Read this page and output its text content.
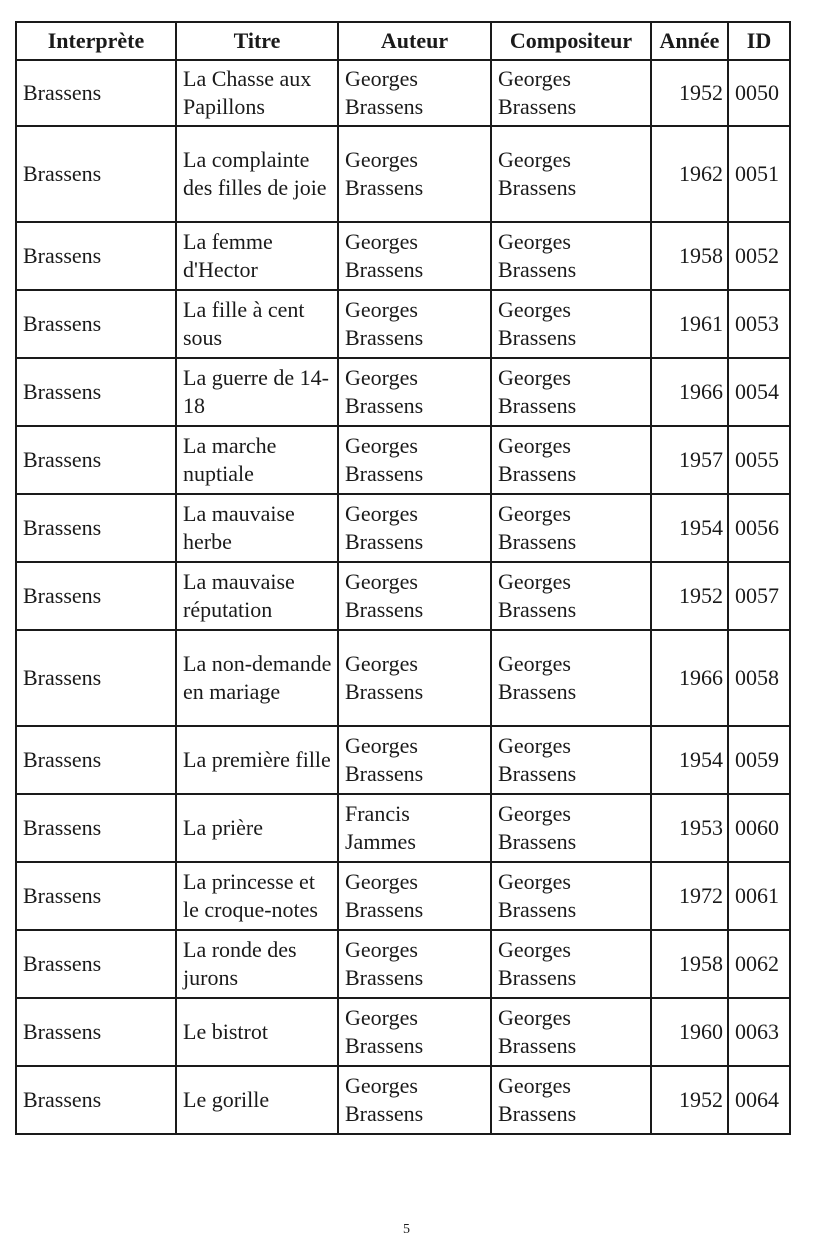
Interprète	Titre	Auteur	Compositeur	Année	ID
Brassens	La Chasse aux Papillons	Georges Brassens	Georges Brassens	1952	0050
Brassens	La complainte des filles de joie	Georges Brassens	Georges Brassens	1962	0051
Brassens	La femme d'Hector	Georges Brassens	Georges Brassens	1958	0052
Brassens	La fille à cent sous	Georges Brassens	Georges Brassens	1961	0053
Brassens	La guerre de 14-18	Georges Brassens	Georges Brassens	1966	0054
Brassens	La marche nuptiale	Georges Brassens	Georges Brassens	1957	0055
Brassens	La mauvaise herbe	Georges Brassens	Georges Brassens	1954	0056
Brassens	La mauvaise réputation	Georges Brassens	Georges Brassens	1952	0057
Brassens	La non-demande en mariage	Georges Brassens	Georges Brassens	1966	0058
Brassens	La première fille	Georges Brassens	Georges Brassens	1954	0059
Brassens	La prière	Francis Jammes	Georges Brassens	1953	0060
Brassens	La princesse et le croque-notes	Georges Brassens	Georges Brassens	1972	0061
Brassens	La ronde des jurons	Georges Brassens	Georges Brassens	1958	0062
Brassens	Le bistrot	Georges Brassens	Georges Brassens	1960	0063
Brassens	Le gorille	Georges Brassens	Georges Brassens	1952	0064
5
